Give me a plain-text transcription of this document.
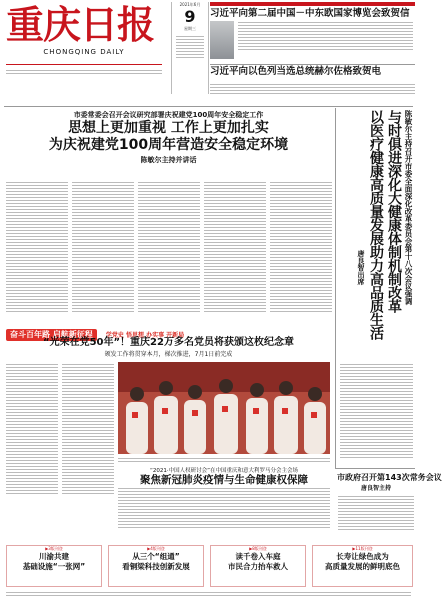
重庆日报
CHONGQING DAILY
2021年6月
9
星期三
习近平向第二届中国－中东欧国家博览会致贺信
习近平向以色列当选总统赫尔佐格致贺电
市委常委会召开会议研究部署庆祝建党100周年安全稳定工作
思想上更加重视 工作上更加扎实
为庆祝建党100周年营造安全稳定环境
陈敏尔主持并讲话	陈敏尔主持召开市委全面深化改革委员会第十八次会议强调
与时俱进深化大健康体制机制改革
以医疗健康高质量发展助力高品质生活
唐良智出席
奋斗百年路 启航新征程 学党史 悟思想 办实事 开新局
“光荣在党50年”！重庆22万多名党员将获颁这枚纪念章
颁发工作将贯穿本月，梯次推进，7月1日前完成
“2021·中国人权研讨会”在中国重庆和意大利罗马分会主会场
聚焦新冠肺炎疫情与生命健康权保障	市政府召开第143次常务会议
唐良智主持
▶3版刊登
川渝共建
基础设施“一张网”
▶4版刊登
从三个“组通”
看铜梁科技创新发展
▶8版刊登
读千卷入车庭
市民合力抬车救人
▶11版刊登
长寿让绿色成为
高质量发展的鲜明底色
